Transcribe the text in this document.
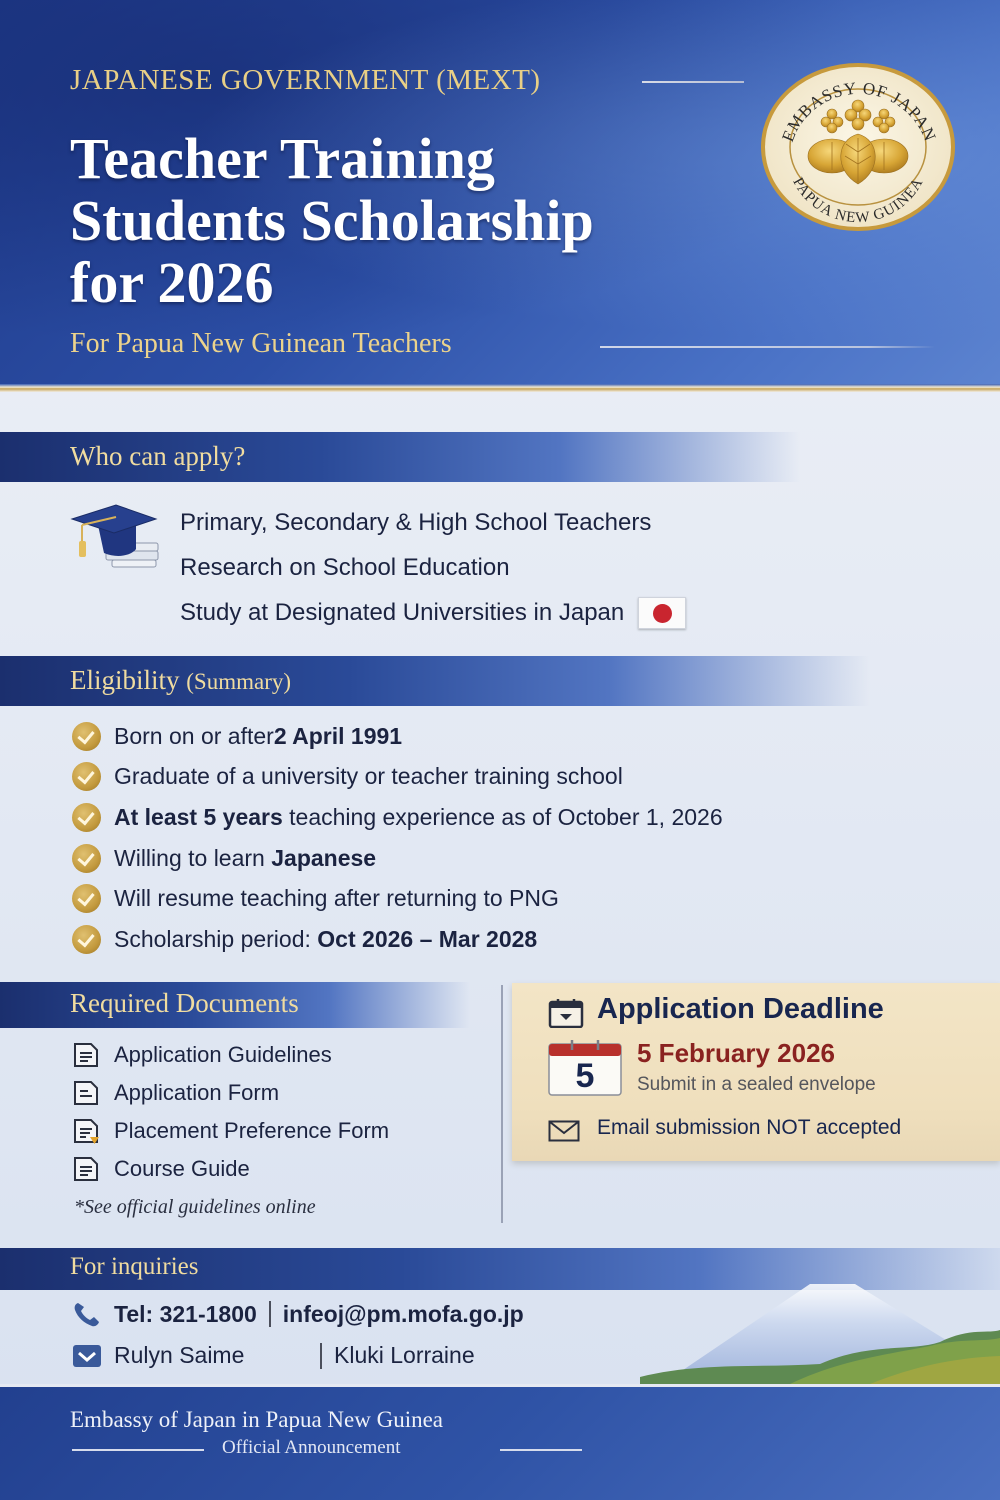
JAPANESE GOVERNMENT (MEXT)
Teacher Training
Students Scholarship
for 2026
For Papua New Guinean Teachers
EMBASSY OF JAPAN
PAPUA NEW GUINEA
Who can apply?
Primary, Secondary & High School Teachers
Research on School Education
Study at Designated Universities in Japan
Eligibility (Summary)
Born on or after 2 April 1991
Graduate of a university or teacher training school
At least 5 years teaching experience as of October 1, 2026
Willing to learn Japanese
Will resume teaching after returning to PNG
Scholarship period: Oct 2026 – Mar 2028
Required Documents
Application Guidelines
Application Form
Placement Preference Form
Course Guide
*See official guidelines online
Application Deadline
5
5 February 2026
Submit in a sealed envelope
Email submission NOT accepted
For inquiries
Tel: 321-1800 infeoj@pm.mofa.go.jp
Rulyn Saime	Kluki Lorraine
Embassy of Japan in Papua New Guinea
Official Announcement
